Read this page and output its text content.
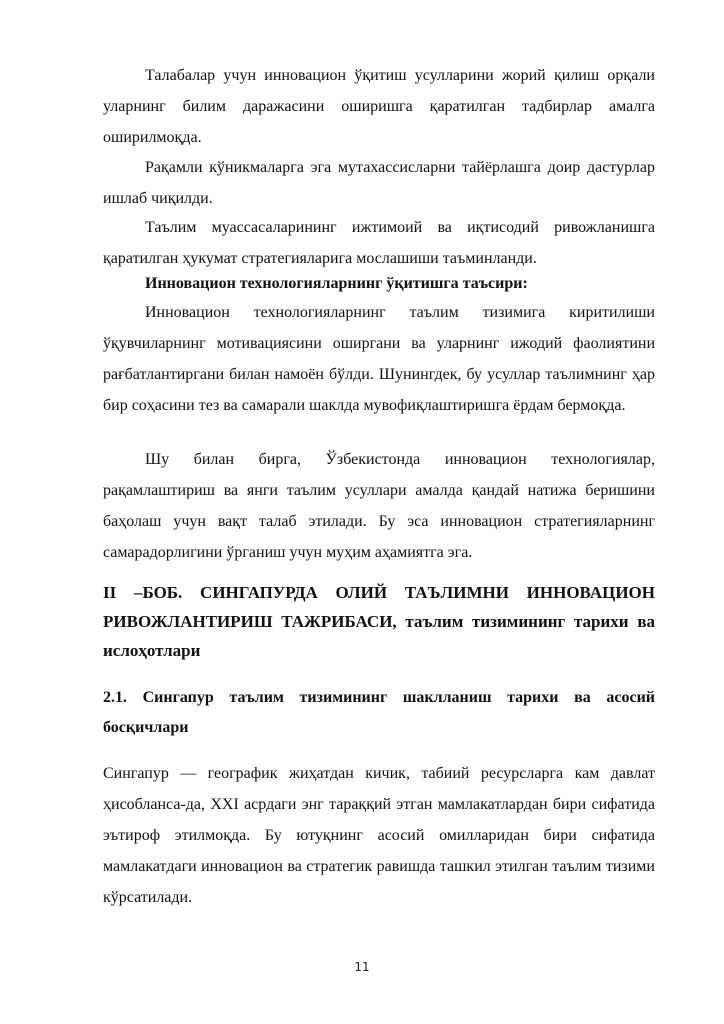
Талабалар учун инновацион ўқитиш усулларини жорий қилиш орқали уларнинг билим даражасини оширишга қаратилган тадбирлар амалга оширилмоқда.

Рақамли кўникмаларга эга мутахассисларни тайёрлашга доир дастурлар ишлаб чиқилди.

Таълим муассасаларининг ижтимоий ва иқтисодий ривожланишга қаратилган ҳукумат стратегияларига мослашиши таъминланди.

Инновацион технологияларнинг ўқитишга таъсири:

Инновацион технологияларнинг таълим тизимига киритилиши ўқувчиларнинг мотивациясини оширгани ва уларнинг ижодий фаолиятини рағбатлантиргани билан намоён бўлди. Шунингдек, бу усуллар таълимнинг ҳар бир соҳасини тез ва самарали шаклда мувофиқлаштиришга ёрдам бермоқда.

Шу билан бирга, Ўзбекистонда инновацион технологиялар, рақамлаштириш ва янги таълим усуллари амалда қандай натижа беришини баҳолаш учун вақт талаб этилади. Бу эса инновацион стратегияларнинг самарадорлигини ўрганиш учун муҳим аҳамиятга эга.

II –БОБ. СИНГАПУРДА ОЛИЙ ТАЪЛИМНИ ИННОВАЦИОН РИВОЖЛАНТИРИШ ТАЖРИБАСИ, таълим тизимининг тарихи ва ислоҳотлари
2.1. Сингапур таълим тизимининг шаклланиш тарихи ва асосий босқичлари

Сингапур — географик жиҳатдан кичик, табиий ресурсларга кам давлат ҳисобланса-да, XXI асрдаги энг тараққий этган мамлакатлардан бири сифатида эътироф этилмоқда. Бу ютуқнинг асосий омилларидан бири сифатида мамлакатдаги инновацион ва стратегик равишда ташкил этилган таълим тизими кўрсатилади.

11
